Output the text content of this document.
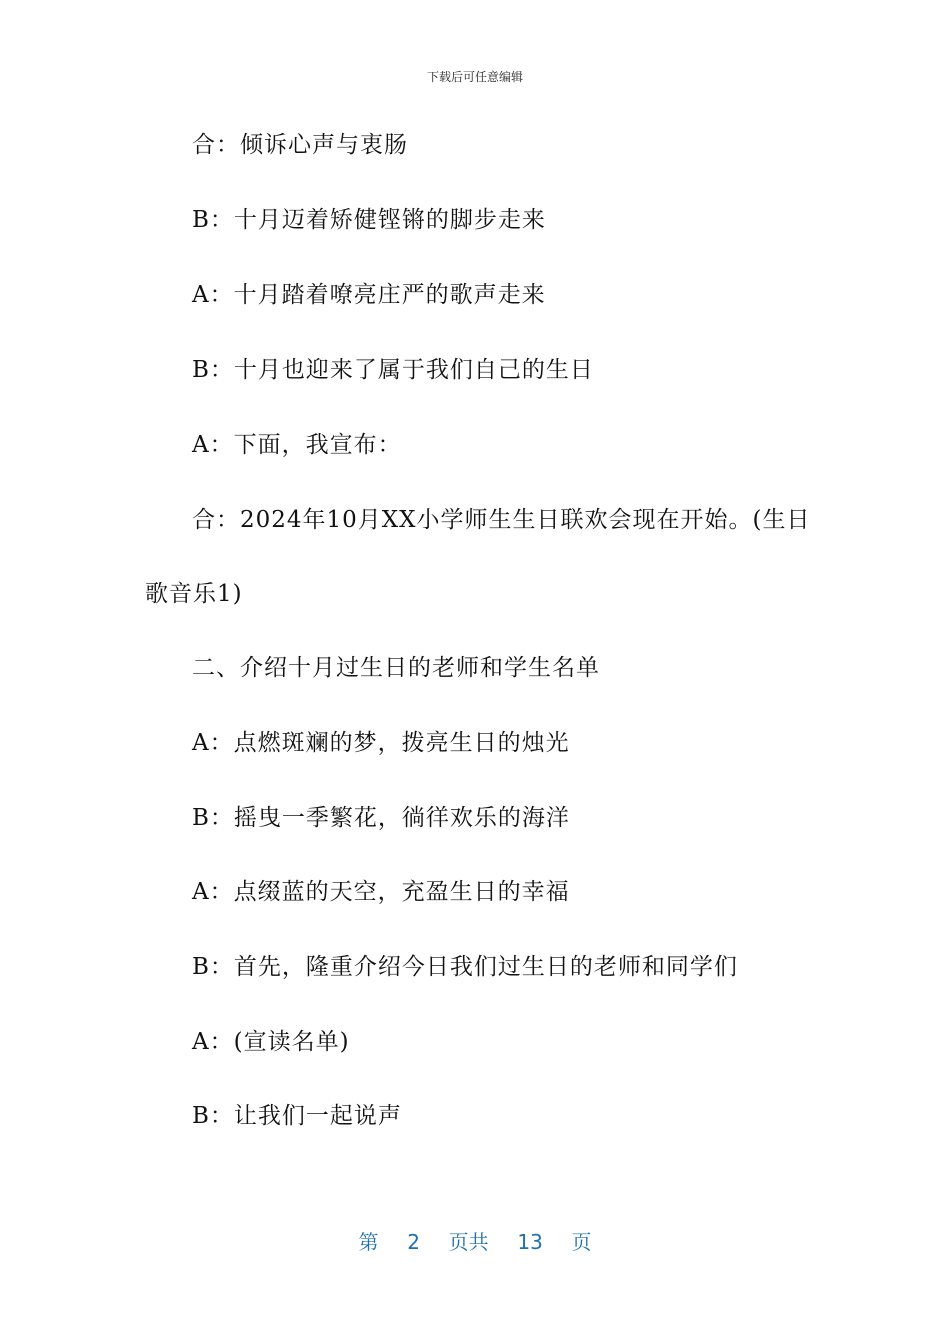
下载后可任意编辑
合：倾诉心声与衷肠
B：十月迈着矫健铿锵的脚步走来
A：十月踏着嘹亮庄严的歌声走来
B：十月也迎来了属于我们自己的生日
A：下面，我宣布：
合：2024年10月XX小学师生生日联欢会现在开始。(生日
歌音乐1)
二、介绍十月过生日的老师和学生名单
A：点燃斑斓的梦，拨亮生日的烛光
B：摇曳一季繁花，徜徉欢乐的海洋
A：点缀蓝的天空，充盈生日的幸福
B：首先，隆重介绍今日我们过生日的老师和同学们
A：(宣读名单)
B：让我们一起说声
第 2 页共 13 页
